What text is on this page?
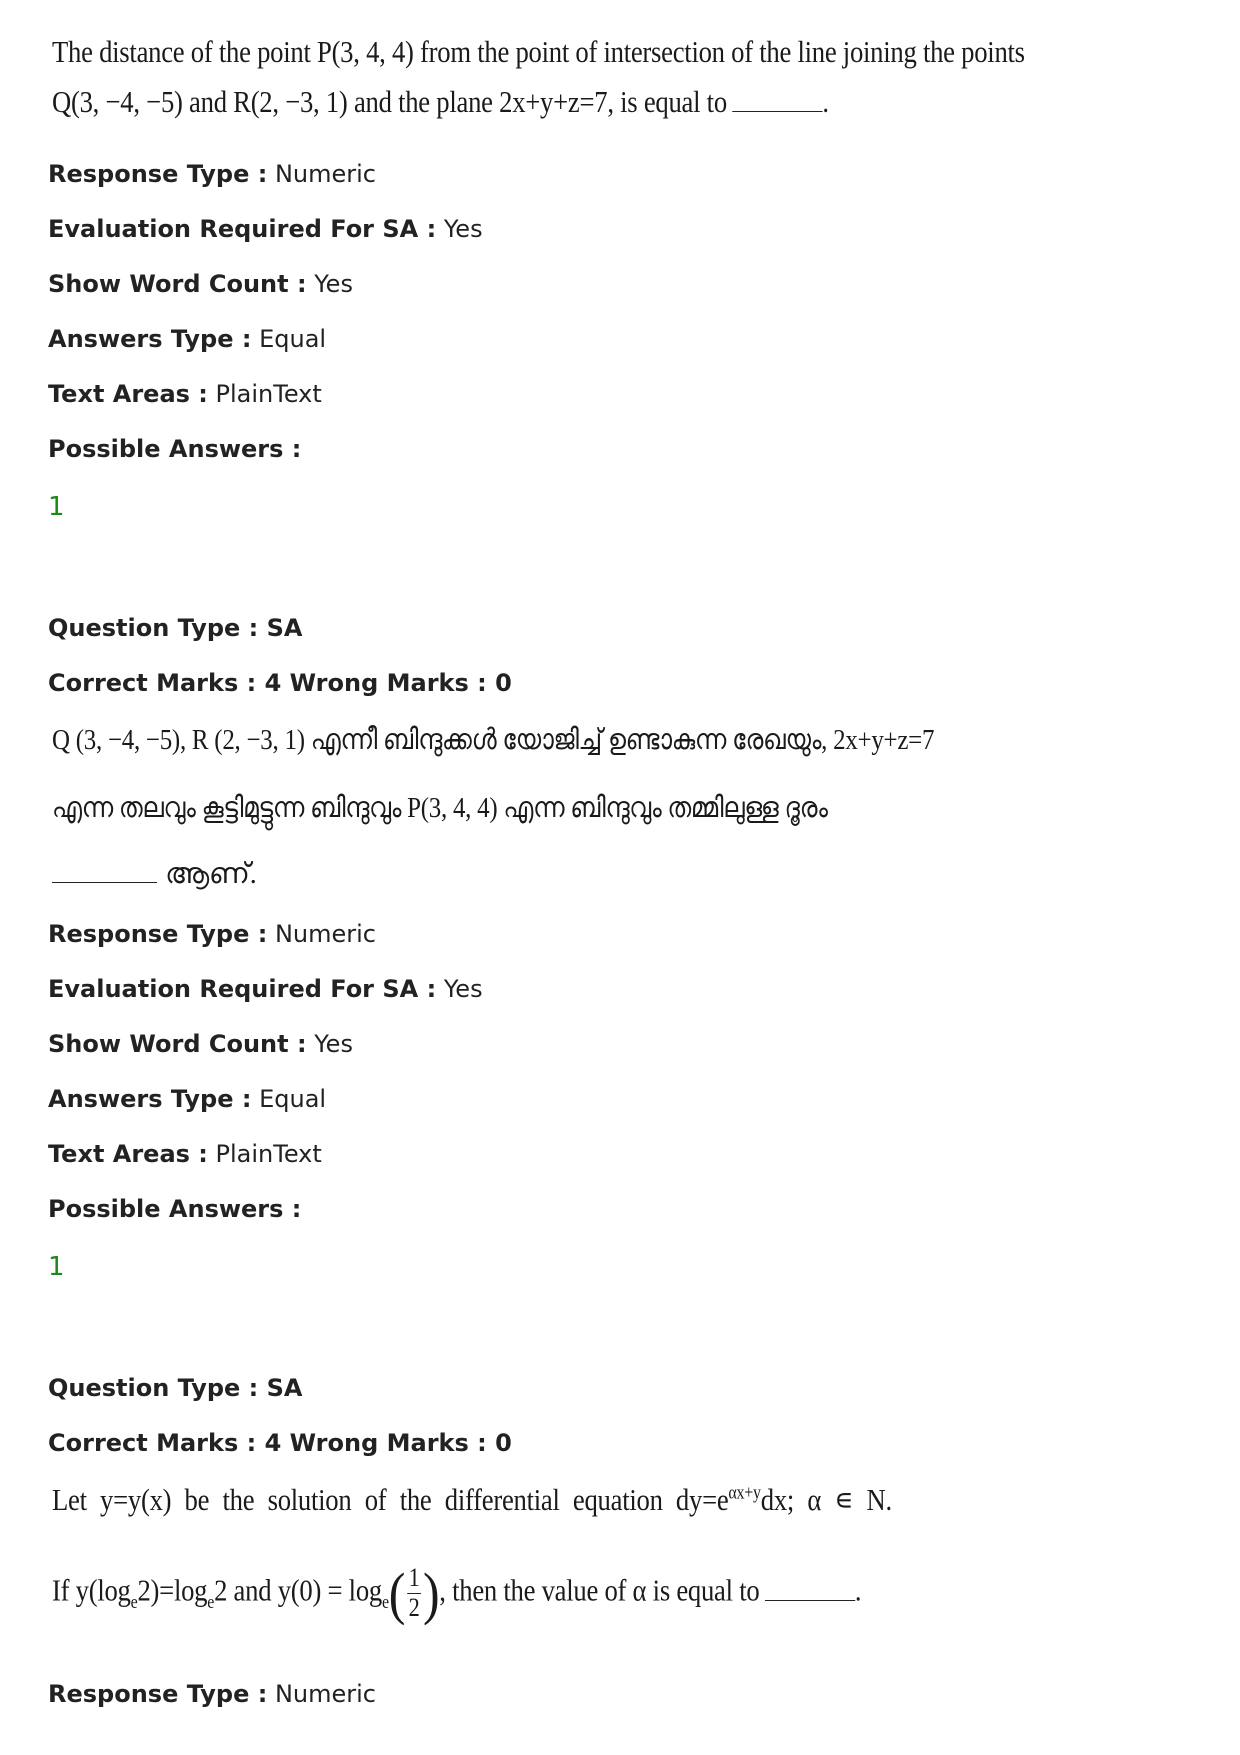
The distance of the point P(3, 4, 4) from the point of intersection of the line joining the points
Q(3, −4, −5) and R(2, −3, 1) and the plane 2x+y+z=7, is equal to	.
Response Type : Numeric
Evaluation Required For SA : Yes
Show Word Count : Yes
Answers Type : Equal
Text Areas : PlainText
Possible Answers :
1
Question Type : SA
Correct Marks : 4 Wrong Marks : 0
Q (3, −4, −5), R (2, −3, 1) എന്നീ ബിന്ദുക്കൾ യോജിച്ച് ഉണ്ടാകുന്ന രേഖയും, 2x+y+z=7
എന്ന തലവും കൂട്ടിമുട്ടുന്ന ബിന്ദുവും P(3, 4, 4) എന്ന ബിന്ദുവും തമ്മിലുള്ള ദൂരം
ആണ്.
Response Type : Numeric
Evaluation Required For SA : Yes
Show Word Count : Yes
Answers Type : Equal
Text Areas : PlainText
Possible Answers :
1
Question Type : SA
Correct Marks : 4 Wrong Marks : 0
Let y=y(x) be the solution of the differential equation $dy=e^{\alpha x+y}dx$; α ∊ N.
If $y(\log_e2)=\log_e2$ and $y(0) = \log_e( \frac{1}{2}$ ), then the value of α is equal to	.
Response Type : Numeric
